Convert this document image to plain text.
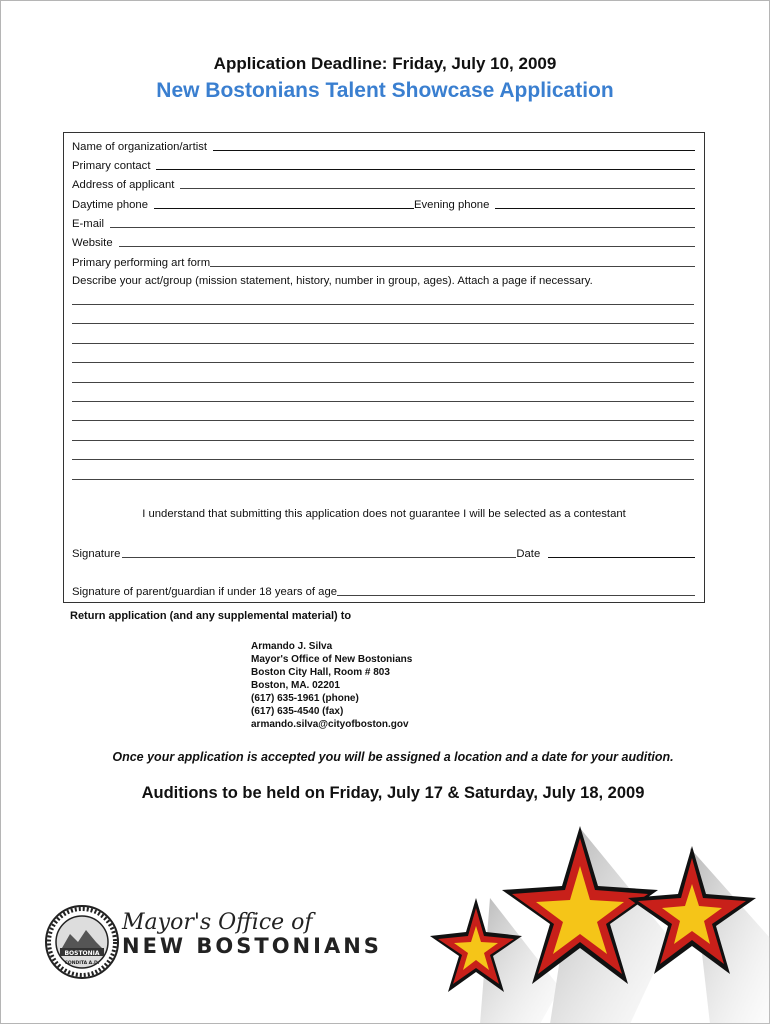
Application Deadline: Friday, July 10, 2009
New Bostonians Talent Showcase Application
Name of organization/artist
Primary contact
Address of applicant
Daytime phone	Evening phone
E-mail
Website
Primary performing art form
Describe your act/group (mission statement, history, number in group, ages). Attach a page if necessary.
I understand that submitting this application does not guarantee I will be selected as a contestant
Signature	Date
Signature of parent/guardian if under 18 years of age
Return application (and any supplemental material) to
Armando J. Silva
Mayor's Office of New Bostonians
Boston City Hall, Room # 803
Boston, MA. 02201
(617) 635-1961 (phone)
(617) 635-4540 (fax)
armando.silva@cityofboston.gov
Once your application is accepted you will be assigned a location and a date for your audition.
Auditions to be held on Friday, July 17 & Saturday, July 18, 2009
BOSTONIA
CONDITA A.D.
Mayor's Office of
NEW BOSTONIANS
